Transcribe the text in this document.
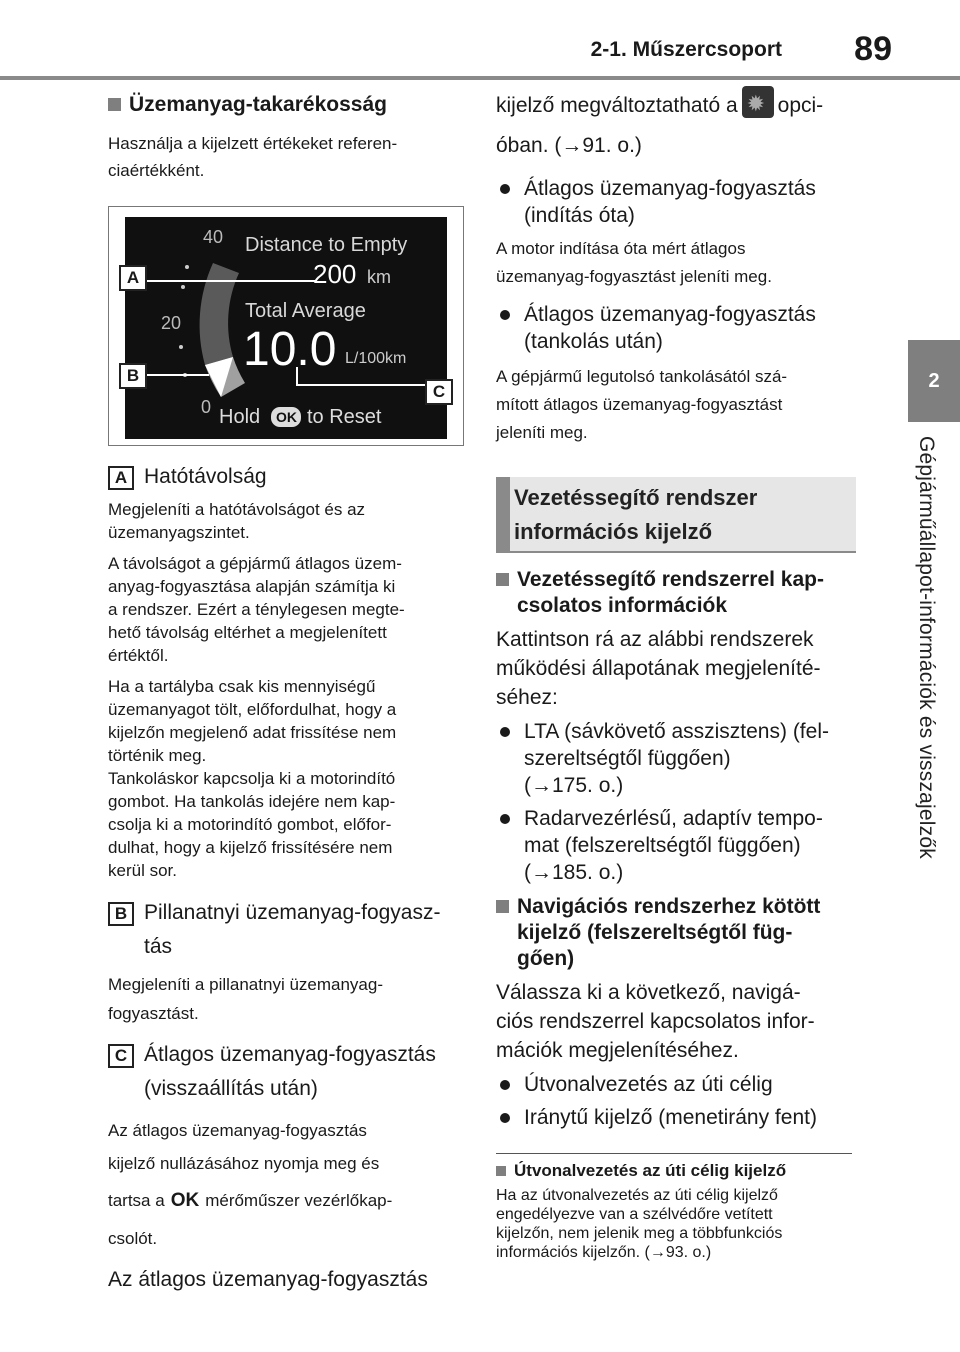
2-1. Műszercsoport 89
2
Gépjárműállapot-információk és visszajelzők
Üzemanyag-takarékosság
Használja a kijelzett értékeket referen-
ciaértékként.
40
20
0
Distance to Empty
200 km
Total Average
10.0 L/100km
Hold OK to Reset
A
B
C
A Hatótávolság
Megjeleníti a hatótávolságot és az
üzemanyagszintet.
A távolságot a gépjármű átlagos üzem-
anyag-fogyasztása alapján számítja ki
a rendszer. Ezért a ténylegesen megte-
hető távolság eltérhet a megjelenített
értéktől.
Ha a tartályba csak kis mennyiségű
üzemanyagot tölt, előfordulhat, hogy a
kijelzőn megjelenő adat frissítése nem
történik meg.
Tankoláskor kapcsolja ki a motorindító
gombot. Ha tankolás idejére nem kap-
csolja ki a motorindító gombot, előfor-
dulhat, hogy a kijelző frissítésére nem
kerül sor.
B Pillanatnyi üzemanyag-fogyasz-
tás
Megjeleníti a pillanatnyi üzemanyag-
fogyasztást.
C Átlagos üzemanyag-fogyasztás
(visszaállítás után)
Az átlagos üzemanyag-fogyasztás
kijelző nullázásához nyomja meg és
tartsa a OK mérőműszer vezérlőkap-
csolót.
Az átlagos üzemanyag-fogyasztás
kijelző megváltoztatható a✹ opci-
óban. (→91. o.)
Átlagos üzemanyag-fogyasztás
(indítás óta)
A motor indítása óta mért átlagos
üzemanyag-fogyasztást jeleníti meg.
Átlagos üzemanyag-fogyasztás
(tankolás után)
A gépjármű legutolsó tankolásától szá-
mított átlagos üzemanyag-fogyasztást
jeleníti meg.
Vezetéssegítő rendszer
információs kijelző
Vezetéssegítő rendszerrel kap-
csolatos információk
Kattintson rá az alábbi rendszerek
működési állapotának megjeleníté-
séhez:
LTA (sávkövető asszisztens) (fel-
szereltségtől függően)
(→175. o.)
Radarvezérlésű, adaptív tempo-
mat (felszereltségtől függően)
(→185. o.)
Navigációs rendszerhez kötött
kijelző (felszereltségtől füg-
gően)
Válassza ki a következő, navigá-
ciós rendszerrel kapcsolatos infor-
mációk megjelenítéséhez.
Útvonalvezetés az úti célig
Iránytű kijelző (menetirány fent)
Útvonalvezetés az úti célig kijelző
Ha az útvonalvezetés az úti célig kijelző
engedélyezve van a szélvédőre vetített
kijelzőn, nem jelenik meg a többfunkciós
információs kijelzőn. (→93. o.)
